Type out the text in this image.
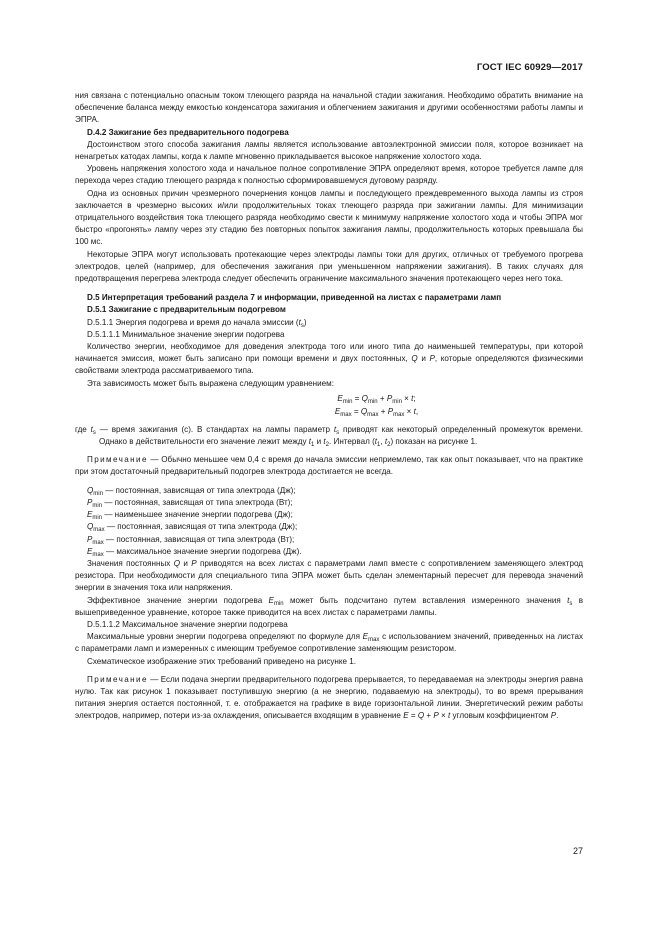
ГОСТ IEC 60929—2017

ния связана с потенциально опасным током тлеющего разряда на начальной стадии зажигания. Необходимо обратить внимание на обеспечение баланса между емкостью конденсатора зажигания и облегчением зажигания и другими особенностями работы лампы и ЭПРА.

D.4.2 Зажигание без предварительного подогрева

Достоинством этого способа зажигания лампы является использование автоэлектронной эмиссии поля, которое возникает на ненагретых катодах лампы, когда к лампе мгновенно прикладывается высокое напряжение холостого хода.

Уровень напряжения холостого хода и начальное полное сопротивление ЭПРА определяют время, которое требуется лампе для перехода через стадию тлеющего разряда к полностью сформировавшемуся дуговому разряду.

Одна из основных причин чрезмерного почернения концов лампы и последующего преждевременного выхода лампы из строя заключается в чрезмерно высоких и/или продолжительных токах тлеющего разряда при зажигании лампы. Для минимизации отрицательного воздействия тока тлеющего разряда необходимо свести к минимуму напряжение холостого хода и чтобы ЭПРА мог быстро «прогонять» лампу через эту стадию без повторных попыток зажигания лампы, продолжительность которых превышала бы 100 мс.

Некоторые ЭПРА могут использовать протекающие через электроды лампы токи для других, отличных от требуемого прогрева электродов, целей (например, для обеспечения зажигания при уменьшенном напряжении зажигания). В таких случаях для предотвращения перегрева электрода следует обеспечить ограничение максимального значения протекающего через него тока.

D.5 Интерпретация требований раздела 7 и информации, приведенной на листах с параметрами ламп

D.5.1 Зажигание с предварительным подогревом

D.5.1.1 Энергия подогрева и время до начала эмиссии $(t_s)$

D.5.1.1.1 Минимальное значение энергии подогрева

Количество энергии, необходимое для доведения электрода того или иного типа до наименьшей температуры, при которой начинается эмиссия, может быть записано при помощи времени и двух постоянных, Q и P, которые определяются физическими свойствами электрода рассматриваемого типа.

Эта зависимость может быть выражена следующим уравнением:

$E_{min} = Q_{min} + P_{min} \times t$;
$E_{max} = Q_{max} + P_{max} \times t$,

где $t_s$ — время зажигания (с). В стандартах на лампы параметр $t_s$ приводят как некоторый определенный промежуток времени. Однако в действительности его значение лежит между $t_1$ и $t_2$. Интервал ($t_1$, $t_2$) показан на рисунке 1.

Примечание — Обычно меньшее чем 0,4 с время до начала эмиссии неприемлемо, так как опыт показывает, что на практике при этом достаточный предварительный подогрев электрода достигается не всегда.

$Q_{min}$ — постоянная, зависящая от типа электрода (Дж);

$P_{min}$ — постоянная, зависящая от типа электрода (Вт);

$E_{min}$ — наименьшее значение энергии подогрева (Дж);

$Q_{max}$ — постоянная, зависящая от типа электрода (Дж);

$P_{max}$ — постоянная, зависящая от типа электрода (Вт);

$E_{max}$ — максимальное значение энергии подогрева (Дж).

Значения постоянных Q и P приводятся на всех листах с параметрами ламп вместе с сопротивлением заменяющего электрод резистора. При необходимости для специального типа ЭПРА может быть сделан элементарный пересчет для перевода значений энергии в значения тока или напряжения.

Эффективное значение энергии подогрева $E_{min}$ может быть подсчитано путем вставления измеренного значения $t_s$ в вышеприведенное уравнение, которое также приводится на всех листах с параметрами лампы.

D.5.1.1.2 Максимальное значение энергии подогрева

Максимальные уровни энергии подогрева определяют по формуле для $E_{max}$ с использованием значений, приведенных на листах с параметрами ламп и измеренных с имеющим требуемое сопротивление заменяющим резистором.

Схематическое изображение этих требований приведено на рисунке 1.

Примечание — Если подача энергии предварительного подогрева прерывается, то передаваемая на электроды энергия равна нулю. Так как рисунок 1 показывает поступившую энергию (а не энергию, подаваемую на электроды), то во время прерывания питания энергия остается постоянной, т. е. отображается на графике в виде горизонтальной линии. Энергетический режим работы электродов, например, потери из-за охлаждения, описывается входящим в уравнение E = Q + P × t угловым коэффициентом P.

27
